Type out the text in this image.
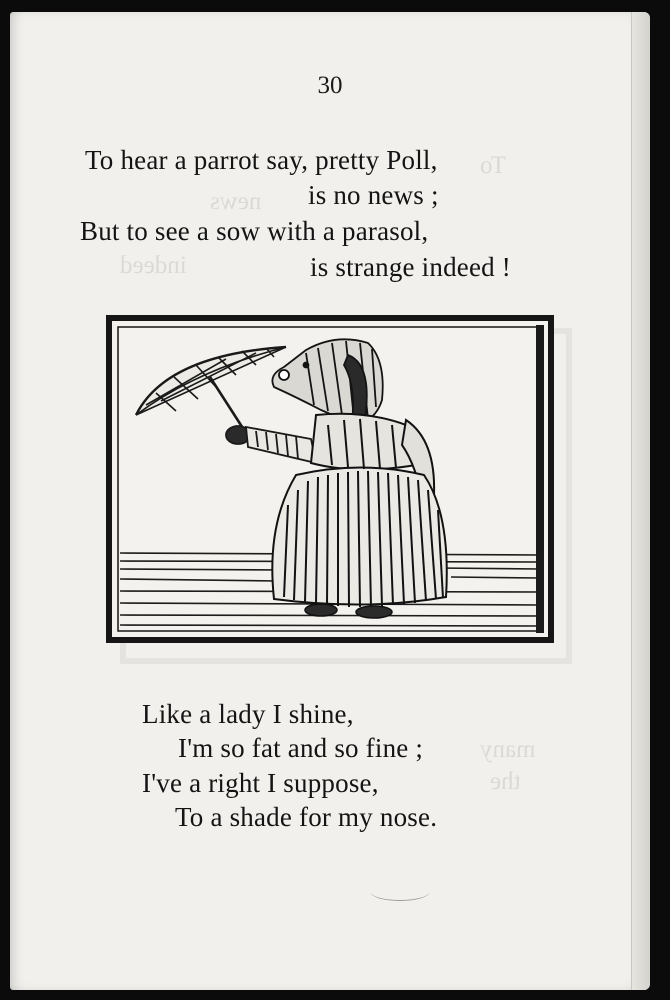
To
news
indeed
many
the
30
To hear a parrot say, pretty Poll,
is no news ;
But to see a sow with a parasol,
is strange indeed !
Like a lady I shine,
I'm so fat and so fine ;
I've a right I suppose,
To a shade for my nose.
